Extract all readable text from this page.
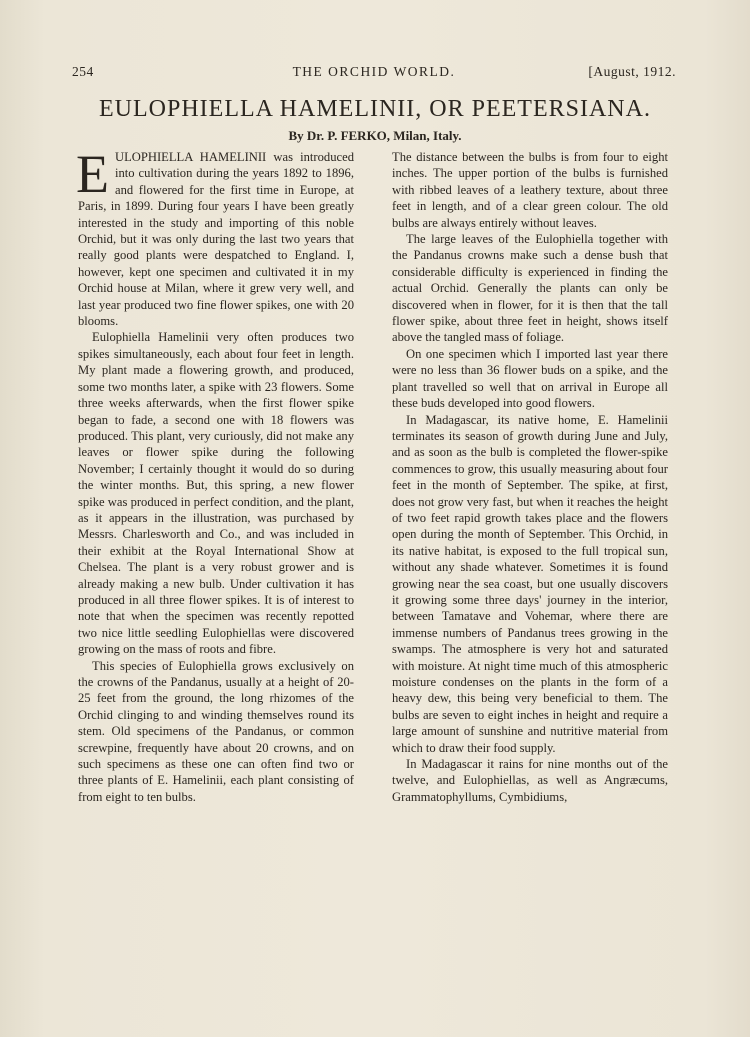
254	THE ORCHID WORLD.	[August, 1912.
EULOPHIELLA HAMELINII, OR PEETERSIANA.
By Dr. P. FERKO, Milan, Italy.

EULOPHIELLA HAMELINII was introduced into cultivation during the years 1892 to 1896, and flowered for the first time in Europe, at Paris, in 1899. During four years I have been greatly interested in the study and importing of this noble Orchid, but it was only during the last two years that really good plants were despatched to England. I, however, kept one specimen and cultivated it in my Orchid house at Milan, where it grew very well, and last year produced two fine flower spikes, one with 20 blooms.

Eulophiella Hamelinii very often produces two spikes simultaneously, each about four feet in length. My plant made a flowering growth, and produced, some two months later, a spike with 23 flowers. Some three weeks afterwards, when the first flower spike began to fade, a second one with 18 flowers was produced. This plant, very curiously, did not make any leaves or flower spike during the following November; I certainly thought it would do so during the winter months. But, this spring, a new flower spike was produced in perfect condition, and the plant, as it appears in the illustration, was purchased by Messrs. Charlesworth and Co., and was included in their exhibit at the Royal International Show at Chelsea. The plant is a very robust grower and is already making a new bulb. Under cultivation it has produced in all three flower spikes. It is of interest to note that when the specimen was recently repotted two nice little seedling Eulophiellas were discovered growing on the mass of roots and fibre.

This species of Eulophiella grows exclusively on the crowns of the Pandanus, usually at a height of 20-25 feet from the ground, the long rhizomes of the Orchid clinging to and winding themselves round its stem. Old specimens of the Pandanus, or common screwpine, frequently have about 20 crowns, and on such specimens as these one can often find two or three plants of E. Hamelinii, each plant consisting of from eight to ten bulbs.

The distance between the bulbs is from four to eight inches. The upper portion of the bulbs is furnished with ribbed leaves of a leathery texture, about three feet in length, and of a clear green colour. The old bulbs are always entirely without leaves.

The large leaves of the Eulophiella together with the Pandanus crowns make such a dense bush that considerable difficulty is experienced in finding the actual Orchid. Generally the plants can only be discovered when in flower, for it is then that the tall flower spike, about three feet in height, shows itself above the tangled mass of foliage.

On one specimen which I imported last year there were no less than 36 flower buds on a spike, and the plant travelled so well that on arrival in Europe all these buds developed into good flowers.

In Madagascar, its native home, E. Hamelinii terminates its season of growth during June and July, and as soon as the bulb is completed the flower-spike commences to grow, this usually measuring about four feet in the month of September. The spike, at first, does not grow very fast, but when it reaches the height of two feet rapid growth takes place and the flowers open during the month of September. This Orchid, in its native habitat, is exposed to the full tropical sun, without any shade whatever. Sometimes it is found growing near the sea coast, but one usually discovers it growing some three days' journey in the interior, between Tamatave and Vohemar, where there are immense numbers of Pandanus trees growing in the swamps. The atmosphere is very hot and saturated with moisture. At night time much of this atmospheric moisture condenses on the plants in the form of a heavy dew, this being very beneficial to them. The bulbs are seven to eight inches in height and require a large amount of sunshine and nutritive material from which to draw their food supply.

In Madagascar it rains for nine months out of the twelve, and Eulophiellas, as well as Angræcums, Grammatophyllums, Cymbidiums,
